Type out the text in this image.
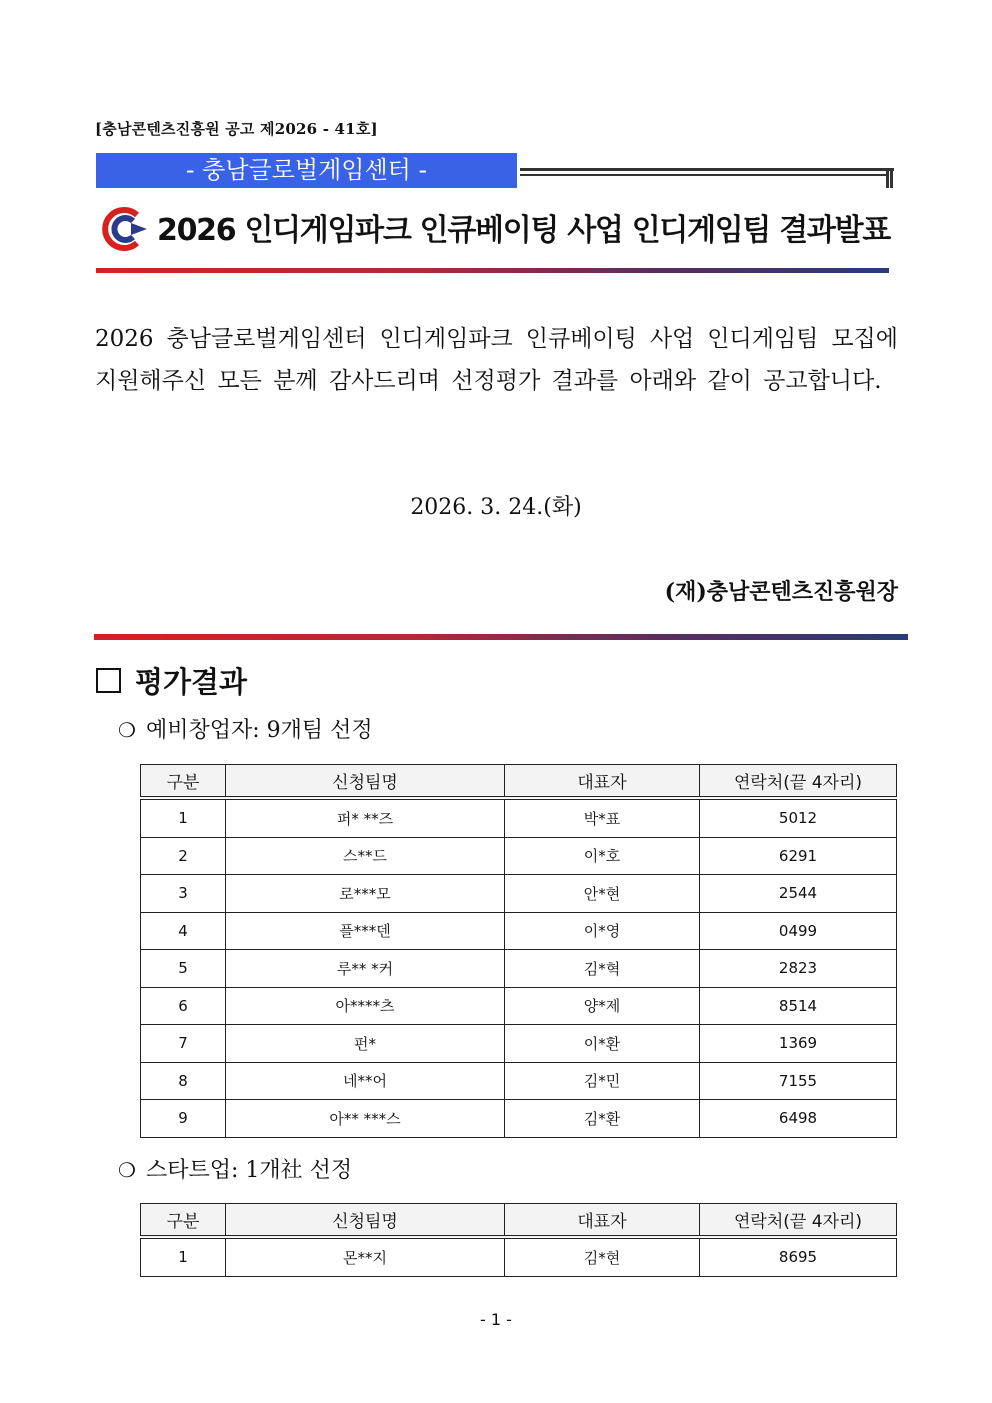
[충남콘텐츠진흥원 공고 제2026 - 41호]
- 충남글로벌게임센터 -
2026 인디게임파크 인큐베이팅 사업 인디게임팀 결과발표
2026 충남글로벌게임센터 인디게임파크 인큐베이팅 사업 인디게임팀 모집에 지원해주신 모든 분께 감사드리며 선정평가 결과를 아래와 같이 공고합니다.
2026. 3. 24.(화)
(재)충남콘텐츠진흥원장
평가결과
❍ 예비창업자: 9개팀 선정
구분	신청팀명	대표자	연락처(끝 4자리)
1	퍼* **즈	박*표	5012
2	스**드	이*호	6291
3	로***모	안*현	2544
4	플***덴	이*영	0499
5	루** *커	김*혁	2823
6	아****츠	양*제	8514
7	펀*	이*환	1369
8	네**어	김*민	7155
9	아** ***스	김*환	6498
❍ 스타트업: 1개社 선정
구분	신청팀명	대표자	연락처(끝 4자리)
1	몬**지	김*현	8695
- 1 -
